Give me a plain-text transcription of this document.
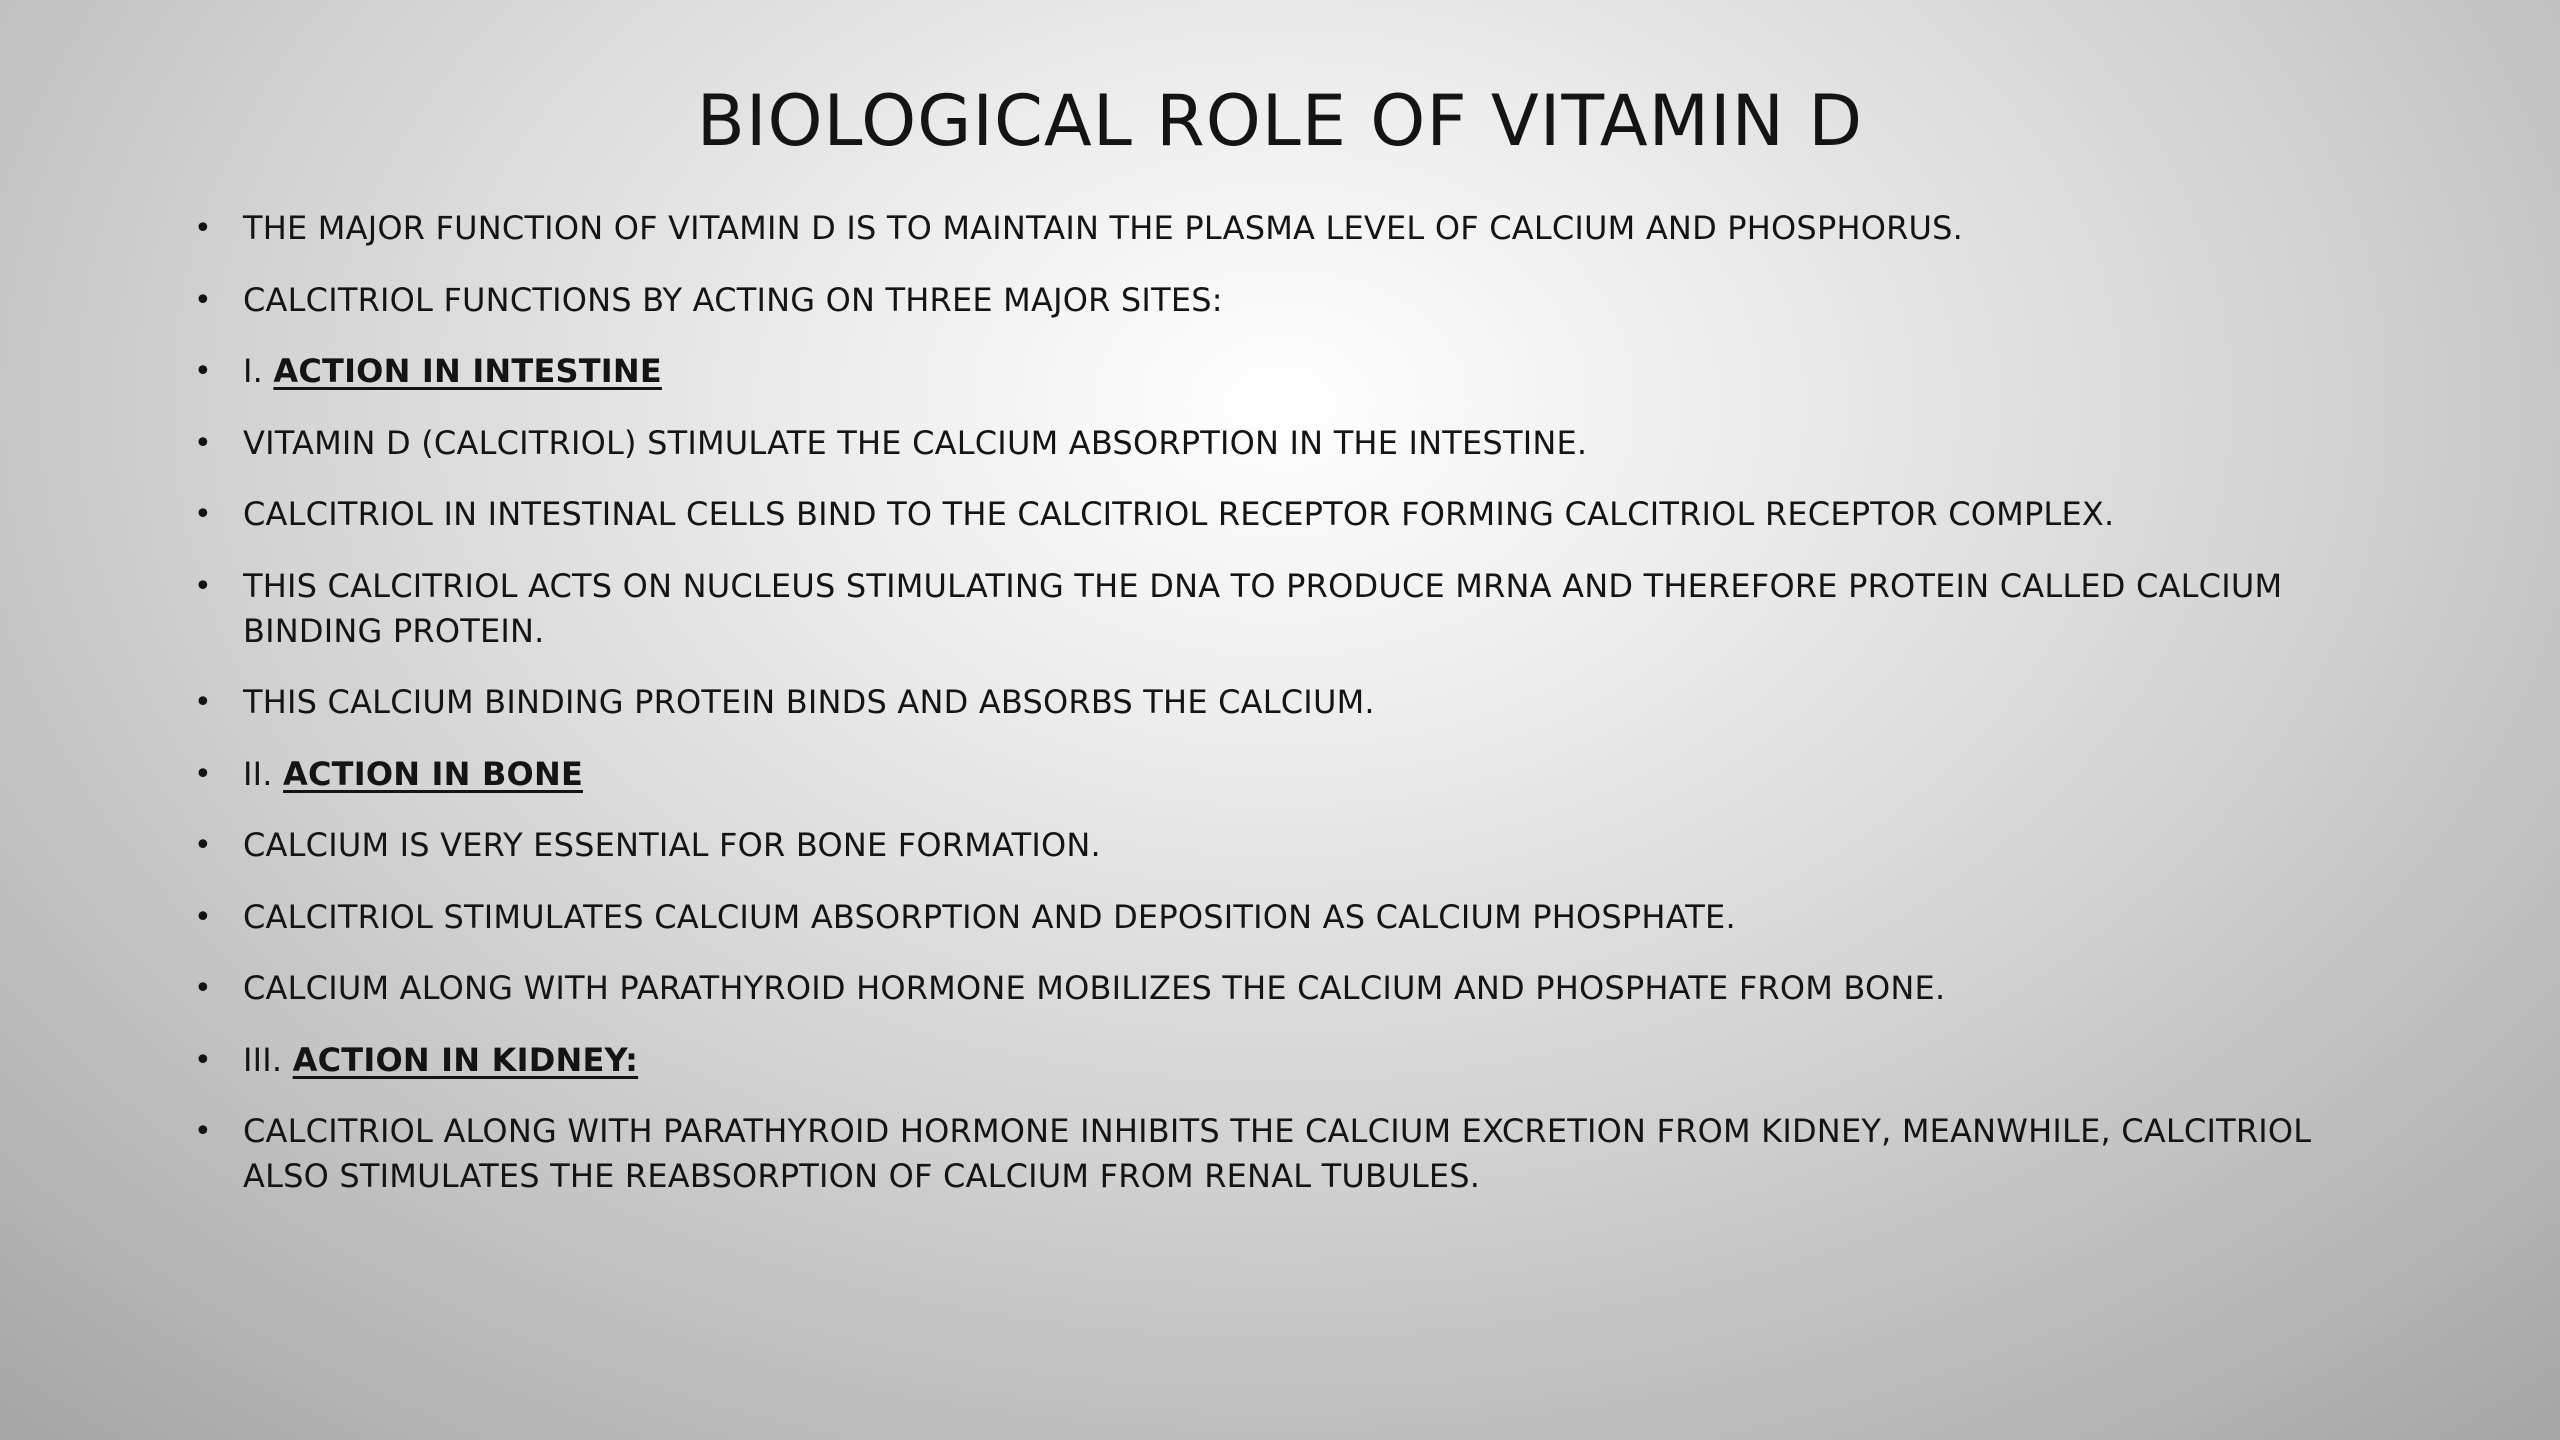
BIOLOGICAL ROLE OF VITAMIN D
• THE MAJOR FUNCTION OF VITAMIN D IS TO MAINTAIN THE PLASMA LEVEL OF CALCIUM AND PHOSPHORUS.
• CALCITRIOL FUNCTIONS BY ACTING ON THREE MAJOR SITES:
• I. ACTION IN INTESTINE
• VITAMIN D (CALCITRIOL) STIMULATE THE CALCIUM ABSORPTION IN THE INTESTINE.
• CALCITRIOL IN INTESTINAL CELLS BIND TO THE CALCITRIOL RECEPTOR FORMING CALCITRIOL RECEPTOR COMPLEX.
• THIS CALCITRIOL ACTS ON NUCLEUS STIMULATING THE DNA TO PRODUCE MRNA AND THEREFORE PROTEIN CALLED CALCIUM BINDING PROTEIN.
• THIS CALCIUM BINDING PROTEIN BINDS AND ABSORBS THE CALCIUM.
• II. ACTION IN BONE
• CALCIUM IS VERY ESSENTIAL FOR BONE FORMATION.
• CALCITRIOL STIMULATES CALCIUM ABSORPTION AND DEPOSITION AS CALCIUM PHOSPHATE.
• CALCIUM ALONG WITH PARATHYROID HORMONE MOBILIZES THE CALCIUM AND PHOSPHATE FROM BONE.
• III. ACTION IN KIDNEY:
• CALCITRIOL ALONG WITH PARATHYROID HORMONE INHIBITS THE CALCIUM EXCRETION FROM KIDNEY, MEANWHILE, CALCITRIOL ALSO STIMULATES THE REABSORPTION OF CALCIUM FROM RENAL TUBULES.
